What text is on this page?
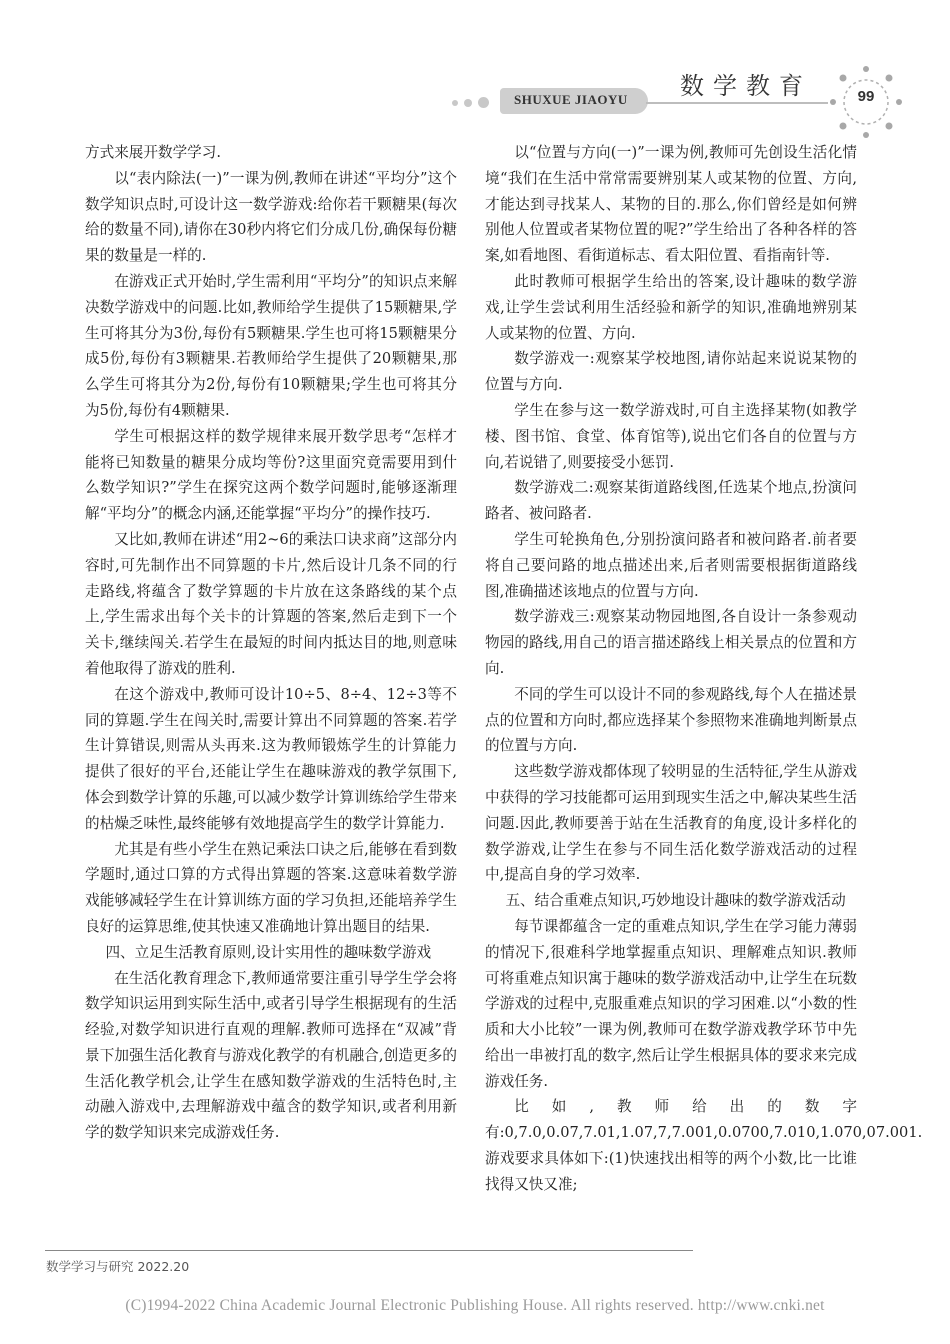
SHUXUE JIAOYU 数学教育	99

方式来展开数学学习.

以“表内除法(一)”一课为例,教师在讲述“平均分”这个数学知识点时,可设计这一数学游戏:给你若干颗糖果(每次给的数量不同),请你在30秒内将它们分成几份,确保每份糖果的数量是一样的.

在游戏正式开始时,学生需利用“平均分”的知识点来解决数学游戏中的问题.比如,教师给学生提供了15颗糖果,学生可将其分为3份,每份有5颗糖果.学生也可将15颗糖果分成5份,每份有3颗糖果.若教师给学生提供了20颗糖果,那么学生可将其分为2份,每份有10颗糖果;学生也可将其分为5份,每份有4颗糖果.

学生可根据这样的数学规律来展开数学思考“怎样才能将已知数量的糖果分成均等份?这里面究竟需要用到什么数学知识?”学生在探究这两个数学问题时,能够逐渐理解“平均分”的概念内涵,还能掌握“平均分”的操作技巧.

又比如,教师在讲述“用2~6的乘法口诀求商”这部分内容时,可先制作出不同算题的卡片,然后设计几条不同的行走路线,将蕴含了数学算题的卡片放在这条路线的某个点上,学生需求出每个关卡的计算题的答案,然后走到下一个关卡,继续闯关.若学生在最短的时间内抵达目的地,则意味着他取得了游戏的胜利.

在这个游戏中,教师可设计10÷5、8÷4、12÷3等不同的算题.学生在闯关时,需要计算出不同算题的答案.若学生计算错误,则需从头再来.这为教师锻炼学生的计算能力提供了很好的平台,还能让学生在趣味游戏的教学氛围下,体会到数学计算的乐趣,可以减少数学计算训练给学生带来的枯燥乏味性,最终能够有效地提高学生的数学计算能力.

尤其是有些小学生在熟记乘法口诀之后,能够在看到数学题时,通过口算的方式得出算题的答案.这意味着数学游戏能够减轻学生在计算训练方面的学习负担,还能培养学生良好的运算思维,使其快速又准确地计算出题目的结果.

四、立足生活教育原则,设计实用性的趣味数学游戏

在生活化教育理念下,教师通常要注重引导学生学会将数学知识运用到实际生活中,或者引导学生根据现有的生活经验,对数学知识进行直观的理解.教师可选择在“双减”背景下加强生活化教育与游戏化教学的有机融合,创造更多的生活化教学机会,让学生在感知数学游戏的生活特色时,主动融入游戏中,去理解游戏中蕴含的数学知识,或者利用新学的数学知识来完成游戏任务.

以“位置与方向(一)”一课为例,教师可先创设生活化情境“我们在生活中常常需要辨别某人或某物的位置、方向,才能达到寻找某人、某物的目的.那么,你们曾经是如何辨别他人位置或者某物位置的呢?”学生给出了各种各样的答案,如看地图、看街道标志、看太阳位置、看指南针等.

此时教师可根据学生给出的答案,设计趣味的数学游戏,让学生尝试利用生活经验和新学的知识,准确地辨别某人或某物的位置、方向.

数学游戏一:观察某学校地图,请你站起来说说某物的位置与方向.

学生在参与这一数学游戏时,可自主选择某物(如教学楼、图书馆、食堂、体育馆等),说出它们各自的位置与方向,若说错了,则要接受小惩罚.

数学游戏二:观察某街道路线图,任选某个地点,扮演问路者、被问路者.

学生可轮换角色,分别扮演问路者和被问路者.前者要将自己要问路的地点描述出来,后者则需要根据街道路线图,准确描述该地点的位置与方向.

数学游戏三:观察某动物园地图,各自设计一条参观动物园的路线,用自己的语言描述路线上相关景点的位置和方向.

不同的学生可以设计不同的参观路线,每个人在描述景点的位置和方向时,都应选择某个参照物来准确地判断景点的位置与方向.

这些数学游戏都体现了较明显的生活特征,学生从游戏中获得的学习技能都可运用到现实生活之中,解决某些生活问题.因此,教师要善于站在生活教育的角度,设计多样化的数学游戏,让学生在参与不同生活化数学游戏活动的过程中,提高自身的学习效率.

五、结合重难点知识,巧妙地设计趣味的数学游戏活动

每节课都蕴含一定的重难点知识,学生在学习能力薄弱的情况下,很难科学地掌握重点知识、理解难点知识.教师可将重难点知识寓于趣味的数学游戏活动中,让学生在玩数学游戏的过程中,克服重难点知识的学习困难.以“小数的性质和大小比较”一课为例,教师可在数学游戏教学环节中先给出一串被打乱的数字,然后让学生根据具体的要求来完成游戏任务.

比如,教师给出的数字有:0,7.0,0.07,7.01,1.07,7,7.001,0.0700,7.010,1.070,07.001.游戏要求具体如下:(1)快速找出相等的两个小数,比一比谁找得又快又准;

数学学习与研究 2022.20
(C)1994-2022 China Academic Journal Electronic Publishing House. All rights reserved. http://www.cnki.net
